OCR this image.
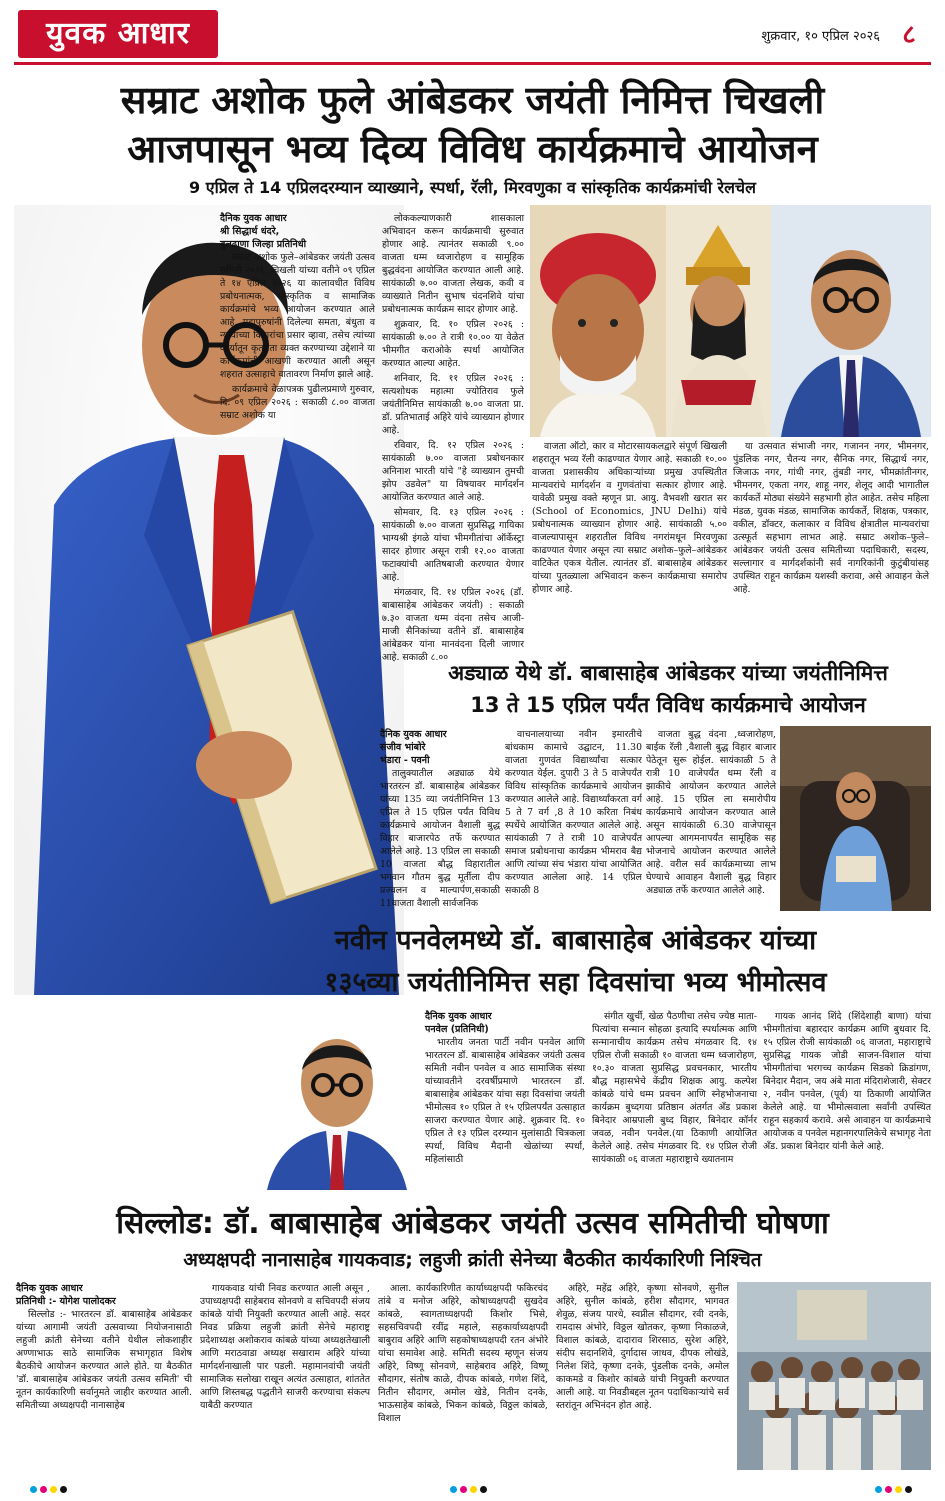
युवक आधार	शुक्रवार, १० एप्रिल २०२६ ८
सम्राट अशोक फुले आंबेडकर जयंती निमित्त चिखली
आजपासून भव्य दिव्य विविध कार्यक्रमाचे आयोजन
9 एप्रिल ते 14 एप्रिलदरम्यान व्याख्याने, स्पर्धा, रॅली, मिरवणुका व सांस्कृतिक कार्यक्रमांची रेलचेल
दैनिक युवक आधार
श्री सिद्धार्थ धंदरे,
बुलढाणा जिल्हा प्रतिनिधी

सम्राट अशोक फुले–आंबेडकर जयंती उत्सव समिती २०२६, चिखली यांच्या वतीने ०९ एप्रिल ते १४ एप्रिल २०२६ या कालावधीत विविध प्रबोधनात्मक, सांस्कृतिक व सामाजिक कार्यक्रमांचे भव्य आयोजन करण्यात आले आहे. महापुरुषांनी दिलेल्या समता, बंधुता व न्यायाच्या विचारांचा प्रसार व्हावा, तसेच त्यांच्या कार्यातून कृतज्ञता व्यक्त करण्याच्या उद्देशाने या कार्यक्रमांची आखणी करण्यात आली असून शहरात उत्साहाचे वातावरण निर्माण झाले आहे.

कार्यक्रमाचे वेळापत्रक पुढीलप्रमाणे गुरुवार, दि. ०९ एप्रिल २०२६ : सकाळी ८.०० वाजता सम्राट अशोक या

लोककल्याणकारी शासकाला अभिवादन करून कार्यक्रमाची सुरुवात होणार आहे. त्यानंतर सकाळी ९.०० वाजता धम्म ध्वजारोहण व सामूहिक बुद्धवंदना आयोजित करण्यात आली आहे. सायंकाळी ७.०० वाजता लेखक, कवी व व्याख्याते नितीन सुभाष चंदनशिवे यांचा प्रबोधनात्मक कार्यक्रम सादर होणार आहे.

शुक्रवार, दि. १० एप्रिल २०२६ : सायंकाळी ७.०० ते रात्री १०.०० या वेळेत भीमगीत कराओके स्पर्धा आयोजित करण्यात आल्या आहेत.

शनिवार, दि. ११ एप्रिल २०२६ : सत्यशोधक महात्मा ज्योतिराव फुले जयंतीनिमित्त सायंकाळी ७.०० वाजता प्रा. डॉ. प्रतिभाताई अहिरे यांचे व्याख्यान होणार आहे.

रविवार, दि. १२ एप्रिल २०२६ : सायंकाळी ७.०० वाजता प्रबोधनकार अनिनाश भारती यांचे "हे व्याख्यान तुमची झोप उडवेल" या विषयावर मार्गदर्शन आयोजित करण्यात आले आहे.

सोमवार, दि. १३ एप्रिल २०२६ : सायंकाळी ७.०० वाजता सुप्रसिद्ध गायिका भाग्यश्री इंगळे यांचा भीमगीतांचा ऑर्केस्ट्रा सादर होणार असून रात्री १२.०० वाजता फटाक्यांची आतिषबाजी करण्यात येणार आहे.

मंगळवार, दि. १४ एप्रिल २०२६ (डॉ. बाबासाहेब आंबेडकर जयंती) : सकाळी ७.३० वाजता धम्म वंदना तसेच आजी-माजी सैनिकांच्या वतीने डॉ. बाबासाहेब आंबेडकर यांना मानवंदना दिली जाणार आहे. सकाळी ८.००

वाजता ऑटो, कार व मोटारसायकलद्वारे संपूर्ण खिखली शहरातून भव्य रॅली काढण्यात येणार आहे. सकाळी १०.०० वाजता प्रशासकीय अधिकाऱ्यांच्या प्रमुख उपस्थितीत मान्यवरांचे मार्गदर्शन व गुणवंतांचा सत्कार होणार आहे. यावेळी प्रमुख वक्ते म्हणून प्रा. आयु. वैभवशी खरात सर (School of Economics, JNU Delhi) यांचे प्रबोधनात्मक व्याख्यान होणार आहे. सायंकाळी ५.०० वाजल्यापासून शहरातील विविध नगरांमधून मिरवणुका काढण्यात येणार असून त्या सम्राट अशोक–फुले–आंबेडकर वाटिकेत एकत्र येतील. त्यानंतर डॉ. बाबासाहेब आंबेडकर यांच्या पुतळ्याला अभिवादन करून कार्यक्रमाचा समारोप होणार आहे.

या उत्सवात संभाजी नगर, गजानन नगर, भीमनगर, पुंडलिक नगर, चैतन्य नगर, सैनिक नगर, सिद्धार्थ नगर, जिजाऊ नगर, गांधी नगर, तुंबडी नगर, भीमक्रांतीनगर, भीमनगर, एकता नगर, शाहू नगर, शेलूद आदी भागातील कार्यकर्ते मोठ्या संख्येने सहभागी होत आहेत. तसेच महिला मंडळ, युवक मंडळ, सामाजिक कार्यकर्ते, शिक्षक, पत्रकार, वकील, डॉक्टर, कलाकार व विविध क्षेत्रातील मान्यवरांचा उत्स्फूर्त सहभाग लाभत आहे. सम्राट अशोक–फुले–आंबेडकर जयंती उत्सव समितीच्या पदाधिकारी, सदस्य, सल्लागार व मार्गदर्शकांनी सर्व नागरिकांनी कुटुंबीयांसह उपस्थित राहून कार्यक्रम यशस्वी करावा, असे आवाहन केले आहे.

अड्याळ येथे डॉ. बाबासाहेब आंबेडकर यांच्या जयंतीनिमित्त
13 ते 15 एप्रिल पर्यंत विविध कार्यक्रमाचे आयोजन
दैनिक युवक आधार
संजीव भांबोरे
भंडारा - पवनी

तालुक्यातील अड्याळ येथे भारतरत्न डॉ. बाबासाहेब आंबेडकर यांच्या 135 व्या जयंतीनिमित्त 13 एप्रिल ते 15 एप्रिल पर्यंत विविध कार्यक्रमाचे आयोजन वैशाली बुद्ध विहार बाजारपेठ तर्फे करण्यात आलेले आहे. 13 एप्रिल ला सकाळी 10 वाजता बौद्ध विहारातील भगवान गौतम बुद्ध मूर्तीला दीप प्रज्वलन व माल्यार्पण,सकाळी 11वाजता वैशाली सार्वजनिक

वाचनालयाच्या नवीन इमारतीचे बांधकाम कामाचे उद्घाटन, 11.30 वाजता गुणवंत विद्यार्थ्यांचा सत्कार करण्यात येईल. दुपारी 3 ते 5 वाजेपर्यंत विविध सांस्कृतिक कार्यक्रमाचे आयोजन करण्यात आलेले आहे. विद्यार्थ्यांकरता वर्ग 5 ते 7 वर्ग ,8 ते 10 करिता निबंध स्पर्धेचे आयोजित करण्यात आलेले आहे. सायंकाळी 7 ते रात्री 10 वाजेपर्यंत समाज प्रबोधनाचा कार्यक्रम भीमराव बैद्य आणि त्यांच्या संच भंडारा यांचा आयोजित करण्यात आलेला आहे. 14 एप्रिल सकाळी 8

वाजता बुद्ध वंदना ,ध्वजारोहण, बाईक रॅली ,वैशाली बुद्ध विहार बाजार पेठेतून सुरू होईल. सायंकाळी 5 ते रात्री 10 वाजेपर्यंत धम्म रॅली व झाकीचे आयोजन करण्यात आलेले आहे. 15 एप्रिल ला समारोपीय कार्यक्रमाचे आयोजन करण्यात आले असून सायंकाळी 6.30 वाजेपासून आपल्या आगमनापर्यंत सामूहिक सह भोजनाचे आयोजन करण्यात आलेले आहे. वरील सर्व कार्यक्रमाच्या लाभ घेण्याचे आवाहन वैशाली बुद्ध विहार अड्याळ तर्फे करण्यात आलेले आहे.

नवीन पनवेलमध्ये डॉ. बाबासाहेब आंबेडकर यांच्या
१३५व्या जयंतीनिमित्त सहा दिवसांचा भव्य भीमोत्सव
दैनिक युवक आधार
पनवेल (प्रतिनिधी)

भारतीय जनता पार्टी नवीन पनवेल आणि भारतरत्न डॉ. बाबासाहेब आंबेडकर जयंती उत्सव समिती नवीन पनवेल व आठ सामाजिक संस्था यांच्यावतीने दरवर्षीप्रमाणे भारतरत्न डॉ. बाबासाहेब आंबेडकर यांचा सहा दिवसांचा जयंती भीमोत्सव १० एप्रिल ते १५ एप्रिलपर्यंत उत्साहात साजरा करण्यात येणार आहे. शुक्रवार दि. १० एप्रिल ते १३ एप्रिल दरम्यान मुलांसाठी चित्रकला स्पर्धा, विविध मैदानी खेळांच्या स्पर्धा, महिलांसाठी

संगीत खुर्ची, खेळ पैठणीचा तसेच ज्येष्ठ माता-पित्यांचा सन्मान सोहळा इत्यादि स्पर्धात्मक आणि सन्मानाचीय कार्यक्रम तसेच मंगळवार दि. १४ एप्रिल रोजी सकाळी १० वाजता धम्म ध्वजारोहण, १०.३० वाजता सुप्रसिद्ध प्रवचनकार, भारतीय बौद्ध महासभेचे केंद्रीय शिक्षक आयु. कल्पेश कांबळे यांचे धम्म प्रवचन आणि स्नेहभोजनाचा कार्यक्रम बुध्दगया प्रतिष्ठान अंतर्गत अँड प्रकाश बिनेदार आम्रपाली बुध्द विहार, बिनेदार कॉर्नर जवळ, नवीन पनवेल.(या ठिकाणी आयोजित केलेले आहे. तसेच मंगळवार दि. १४ एप्रिल रोजी सायंकाळी ०६ वाजता महाराष्ट्राचे ख्यातनाम

गायक आनंद शिंदे (शिंदेशाही बाणा) यांचा भीमगीतांचा बहारदार कार्यक्रम आणि बुधवार दि. १५ एप्रिल रोजी सायंकाळी ०६ वाजता, महाराष्ट्राचे सुप्रसिद्ध गायक जोडी साजन-विशाल यांचा भीमगीतांचा भरगच्च कार्यक्रम सिडको क्रिडांगण, बिनेदार मैदान, जय अंबे माता मंदिराशेजारी, सेक्टर २, नवीन पनवेल, (पूर्व) या ठिकाणी आयोजित केलेले आहे. या भीमोत्सवाला सर्वांनी उपस्थित राहून सहकार्य करावे. असे आवाहन या कार्यक्रमाचे आयोजक व पनवेल महानगरपालिकेचे सभागृह नेता अँड. प्रकाश बिनेदार यांनी केले आहे.

सिल्लोड: डॉ. बाबासाहेब आंबेडकर जयंती उत्सव समितीची घोषणा
अध्यक्षपदी नानासाहेब गायकवाड; लहुजी क्रांती सेनेच्या बैठकीत कार्यकारिणी निश्चित
दैनिक युवक आधार
प्रतिनिधी :- योगेश पालोदकर

सिल्लोड :- भारतरत्न डॉ. बाबासाहेब आंबेडकर यांच्या आगामी जयंती उत्सवाच्या नियोजनासाठी लहुजी क्रांती सेनेच्या वतीने येथील लोकशाहीर अण्णाभाऊ साठे सामाजिक सभागृहात विशेष बैठकीचे आयोजन करण्यात आले होते. या बैठकीत 'डॉ. बाबासाहेब आंबेडकर जयंती उत्सव समिती' ची नूतन कार्यकारिणी सर्वानुमते जाहीर करण्यात आली. समितीच्या अध्यक्षपदी नानासाहेब

गायकवाड यांची निवड करण्यात आली असून , उपाध्यक्षपदी साहेबराव सोनवणे व सचिवपदी संजय कांबळे यांची नियुक्ती करण्यात आली आहे. सदर निवड प्रक्रिया लहुजी क्रांती सेनेचे महाराष्ट्र प्रदेशाध्यक्ष अशोकराव कांबळे यांच्या अध्यक्षतेखाली आणि मराठवाडा अध्यक्ष सखाराम अहिरे यांच्या मार्गदर्शनाखाली पार पडली. महामानवांची जयंती सामाजिक सलोखा राखून अत्यंत उत्साहात, शांततेत आणि शिस्तबद्ध पद्धतीने साजरी करण्याचा संकल्प याबैठी करण्यात

आला. कार्यकारिणीत कार्याध्यक्षपदी फकिरचंद तांबे व मनोज अहिरे, कोषाध्यक्षपदी सुखदेव कांबळे, स्वागताध्यक्षपदी किशोर भिसे, सहसचिवपदी रवींद्र महाले, सहकार्याध्यक्षपदी बाबुराव अहिरे आणि सहकोषाध्यक्षपदी रतन अंभोरे यांचा समावेश आहे. समिती सदस्य म्हणून संजय अहिरे, विष्णू सोनवणे, साहेबराव अहिरे, विष्णू सौदागर, संतोष काळे, दीपक कांबळे, गणेश शिंदे, नितीन सौदागर, अमोल खेडे, नितीन दनके, भाऊसाहेब कांबळे, भिकन कांबळे, विठ्ठल कांबळे, विशाल

अहिरे, महेंद्र अहिरे, कृष्णा सोनवणे, सुनील अहिरे, सुनील कांबळे, हरीश सौदागर, भागवत शेवुळ, संजय पारधे, स्वप्नील सौदागर, रवी दनके, रामदास अंभोरे, विठ्ठल खोतकर, कृष्णा निकाळजे, विशाल कांबळे, दादाराव शिरसाठ, सुरेश अहिरे, संदीप सदानशिवे, दुर्गादास जाधव, दीपक लोखंडे, निलेश शिंदे, कृष्णा दनके, पुंडलीक दनके, अमोल काकमडे व किशोर कांबळे यांची नियुक्ती करण्यात आली आहे. या निवडीबद्दल नूतन पदाधिकाऱ्यांचे सर्व स्तरांतून अभिनंदन होत आहे.
